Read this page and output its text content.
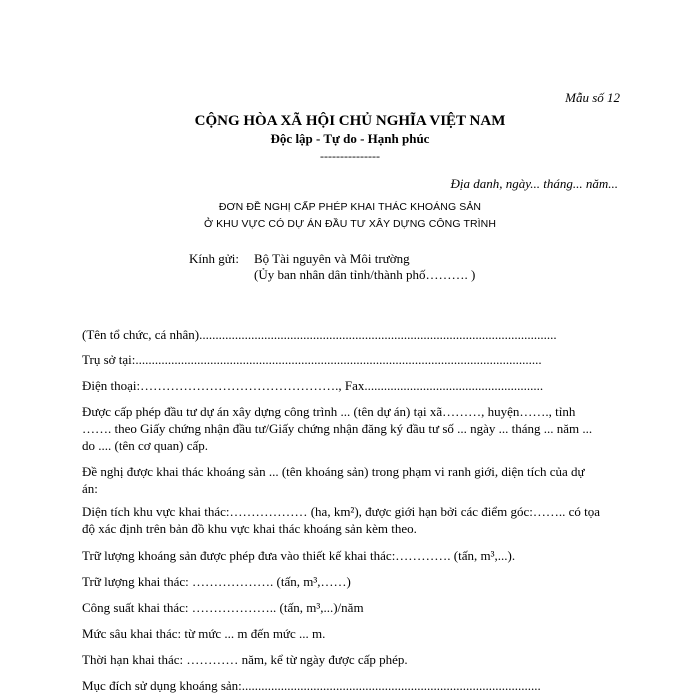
Mẫu số 12
CỘNG HÒA XÃ HỘI CHỦ NGHĨA VIỆT NAM
Độc lập - Tự do - Hạnh phúc
---------------
Địa danh, ngày... tháng... năm...
ĐƠN ĐỀ NGHỊ CẤP PHÉP KHAI THÁC KHOÁNG SẢN
Ở KHU VỰC CÓ DỰ ÁN ĐẦU TƯ XÂY DỰNG CÔNG TRÌNH
Kính gửi: Bộ Tài nguyên và Môi trường
(Ủy ban nhân dân tỉnh/thành phố………. )
(Tên tổ chức, cá nhân)..............................................................................................................
Trụ sở tại:.............................................................................................................................
Điện thoại:………………………………………., Fax.......................................................
Được cấp phép đầu tư dự án xây dựng công trình ... (tên dự án) tại xã………, huyện……., tỉnh ……. theo Giấy chứng nhận đầu tư/Giấy chứng nhận đăng ký đầu tư số ... ngày ... tháng ... năm ... do .... (tên cơ quan) cấp.
Đề nghị được khai thác khoáng sản ... (tên khoáng sản) trong phạm vi ranh giới, diện tích của dự án:
Diện tích khu vực khai thác:……………… (ha, km²), được giới hạn bởi các điểm góc:…….. có tọa độ xác định trên bản đồ khu vực khai thác khoáng sản kèm theo.
Trữ lượng khoáng sản được phép đưa vào thiết kế khai thác:…………. (tấn, m³,...).
Trữ lượng khai thác: ………………. (tấn, m³,……)
Công suất khai thác: ……………….. (tấn, m³,...)/năm
Mức sâu khai thác: từ mức ... m đến mức ... m.
Thời hạn khai thác: ………… năm, kể từ ngày được cấp phép.
Mục đích sử dụng khoáng sản:............................................................................................
